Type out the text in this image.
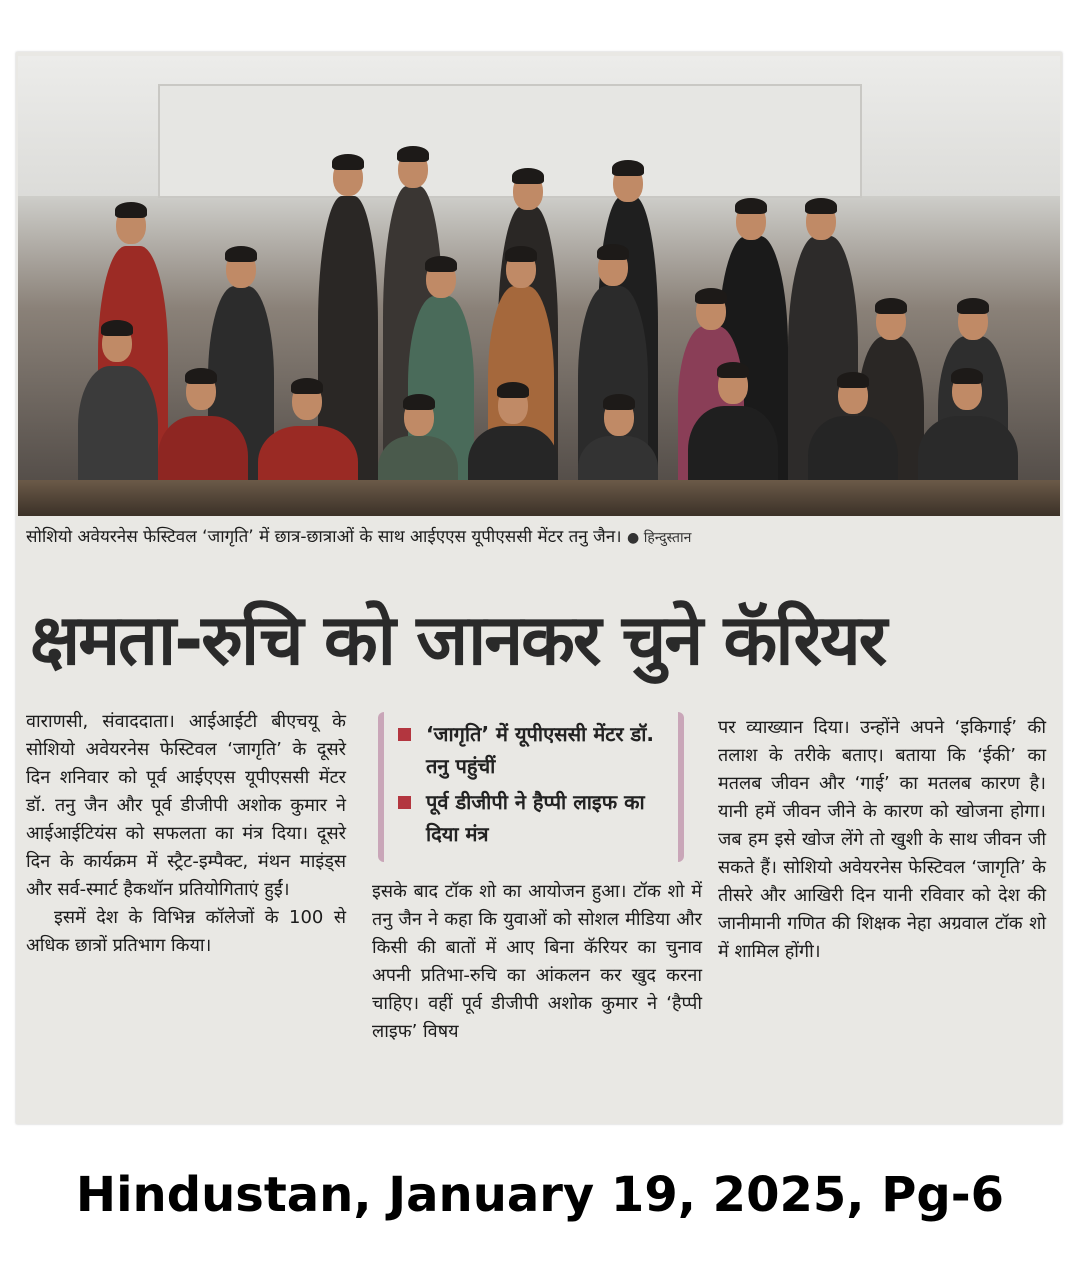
सोशियो अवेयरनेस फेस्टिवल ‘जागृति’ में छात्र-छात्राओं के साथ आईएएस यूपीएससी मेंटर तनु जैन। ● हिन्दुस्तान
क्षमता-रुचि को जानकर चुने कॅरियर

वाराणसी, संवाददाता। आईआईटी बीएचयू के सोशियो अवेयरनेस फेस्टिवल ‘जागृति’ के दूसरे दिन शनिवार को पूर्व आईएएस यूपीएससी मेंटर डॉ. तनु जैन और पूर्व डीजीपी अशोक कुमार ने आईआईटियंस को सफलता का मंत्र दिया। दूसरे दिन के कार्यक्रम में स्ट्रैट-इम्पैक्ट, मंथन माइंड्स और सर्व-स्मार्ट हैकथॉन प्रतियोगिताएं हुईं।

इसमें देश के विभिन्न कॉलेजों के 100 से अधिक छात्रों प्रतिभाग किया।

‘जागृति’ में यूपीएससी मेंटर डॉ. तनु पहुंचीं
पूर्व डीजीपी ने हैप्पी लाइफ का दिया मंत्र

इसके बाद टॉक शो का आयोजन हुआ। टॉक शो में तनु जैन ने कहा कि युवाओं को सोशल मीडिया और किसी की बातों में आए बिना कॅरियर का चुनाव अपनी प्रतिभा-रुचि का आंकलन कर खुद करना चाहिए। वहीं पूर्व डीजीपी अशोक कुमार ने ‘हैप्पी लाइफ’ विषय

पर व्याख्यान दिया। उन्होंने अपने ‘इकिगाई’ की तलाश के तरीके बताए। बताया कि ‘ईकी’ का मतलब जीवन और ‘गाई’ का मतलब कारण है। यानी हमें जीवन जीने के कारण को खोजना होगा। जब हम इसे खोज लेंगे तो खुशी के साथ जीवन जी सकते हैं। सोशियो अवेयरनेस फेस्टिवल ‘जागृति’ के तीसरे और आखिरी दिन यानी रविवार को देश की जानीमानी गणित की शिक्षक नेहा अग्रवाल टॉक शो में शामिल होंगी।

Hindustan, January 19, 2025, Pg-6
